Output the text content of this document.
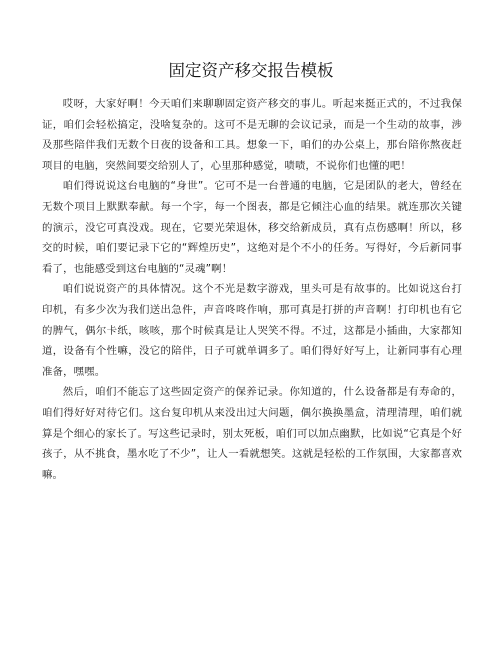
固定资产移交报告模板

哎呀，大家好啊！今天咱们来聊聊固定资产移交的事儿。听起来挺正式的，不过我保证，咱们会轻松搞定，没啥复杂的。这可不是无聊的会议记录，而是一个生动的故事，涉及那些陪伴我们无数个日夜的设备和工具。想象一下，咱们的办公桌上，那台陪你熬夜赶项目的电脑，突然间要交给别人了，心里那种感觉，啧啧，不说你们也懂的吧！

咱们得说说这台电脑的“身世”。它可不是一台普通的电脑，它是团队的老大，曾经在无数个项目上默默奉献。每一个字，每一个图表，都是它倾注心血的结果。就连那次关键的演示，没它可真没戏。现在，它要光荣退休，移交给新成员，真有点伤感啊！所以，移交的时候，咱们要记录下它的“辉煌历史”，这绝对是个不小的任务。写得好，今后新同事看了，也能感受到这台电脑的“灵魂”啊！

咱们说说资产的具体情况。这个不光是数字游戏，里头可是有故事的。比如说这台打印机，有多少次为我们送出急件，声音咚咚作响，那可真是打拼的声音啊！打印机也有它的脾气，偶尔卡纸，咳咳，那个时候真是让人哭笑不得。不过，这都是小插曲，大家都知道，设备有个性嘛，没它的陪伴，日子可就单调多了。咱们得好好写上，让新同事有心理准备，嘿嘿。

然后，咱们不能忘了这些固定资产的保养记录。你知道的，什么设备都是有寿命的，咱们得好好对待它们。这台复印机从来没出过大问题，偶尔换换墨盒，清理清理，咱们就算是个细心的家长了。写这些记录时，别太死板，咱们可以加点幽默，比如说“它真是个好孩子，从不挑食，墨水吃了不少”，让人一看就想笑。这就是轻松的工作氛围，大家都喜欢嘛。
